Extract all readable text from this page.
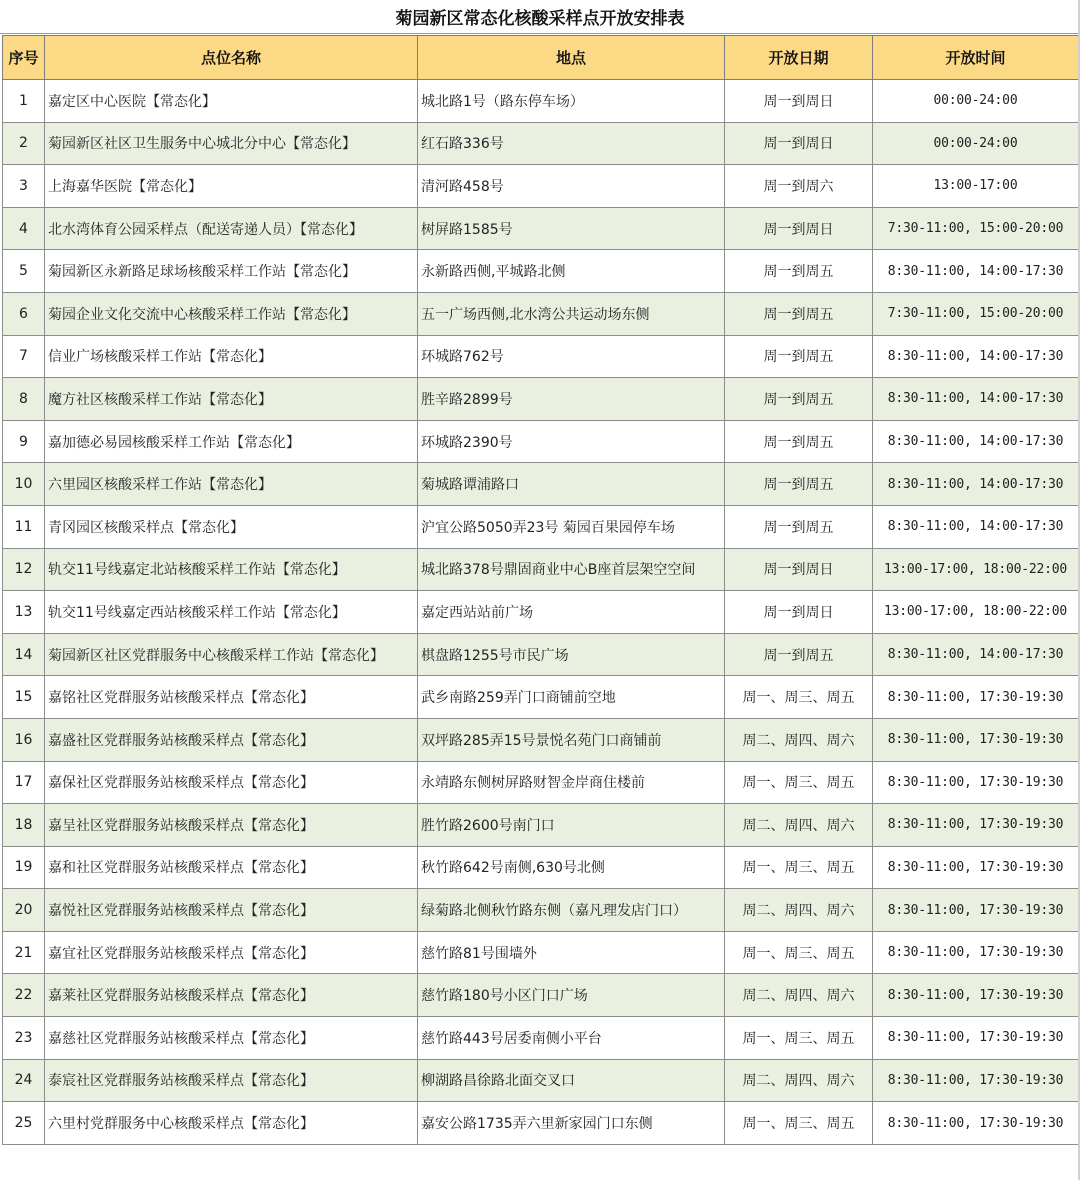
菊园新区常态化核酸采样点开放安排表
序号	点位名称	地点	开放日期	开放时间
1	嘉定区中心医院【常态化】	城北路1号（路东停车场）	周一到周日	00:00-24:00
2	菊园新区社区卫生服务中心城北分中心【常态化】	红石路336号	周一到周日	00:00-24:00
3	上海嘉华医院【常态化】	清河路458号	周一到周六	13:00-17:00
4	北水湾体育公园采样点（配送寄递人员）【常态化】	树屏路1585号	周一到周日	7:30-11:00, 15:00-20:00
5	菊园新区永新路足球场核酸采样工作站【常态化】	永新路西侧,平城路北侧	周一到周五	8:30-11:00, 14:00-17:30
6	菊园企业文化交流中心核酸采样工作站【常态化】	五一广场西侧,北水湾公共运动场东侧	周一到周五	7:30-11:00, 15:00-20:00
7	信业广场核酸采样工作站【常态化】	环城路762号	周一到周五	8:30-11:00, 14:00-17:30
8	魔方社区核酸采样工作站【常态化】	胜辛路2899号	周一到周五	8:30-11:00, 14:00-17:30
9	嘉加德必易园核酸采样工作站【常态化】	环城路2390号	周一到周五	8:30-11:00, 14:00-17:30
10	六里园区核酸采样工作站【常态化】	菊城路谭浦路口	周一到周五	8:30-11:00, 14:00-17:30
11	青冈园区核酸采样点【常态化】	沪宜公路5050弄23号 菊园百果园停车场	周一到周五	8:30-11:00, 14:00-17:30
12	轨交11号线嘉定北站核酸采样工作站【常态化】	城北路378号鼎固商业中心B座首层架空空间	周一到周日	13:00-17:00, 18:00-22:00
13	轨交11号线嘉定西站核酸采样工作站【常态化】	嘉定西站站前广场	周一到周日	13:00-17:00, 18:00-22:00
14	菊园新区社区党群服务中心核酸采样工作站【常态化】	棋盘路1255号市民广场	周一到周五	8:30-11:00, 14:00-17:30
15	嘉铭社区党群服务站核酸采样点【常态化】	武乡南路259弄门口商铺前空地	周一、周三、周五	8:30-11:00, 17:30-19:30
16	嘉盛社区党群服务站核酸采样点【常态化】	双坪路285弄15号景悦名苑门口商铺前	周二、周四、周六	8:30-11:00, 17:30-19:30
17	嘉保社区党群服务站核酸采样点【常态化】	永靖路东侧树屏路财智金岸商住楼前	周一、周三、周五	8:30-11:00, 17:30-19:30
18	嘉呈社区党群服务站核酸采样点【常态化】	胜竹路2600号南门口	周二、周四、周六	8:30-11:00, 17:30-19:30
19	嘉和社区党群服务站核酸采样点【常态化】	秋竹路642号南侧,630号北侧	周一、周三、周五	8:30-11:00, 17:30-19:30
20	嘉悦社区党群服务站核酸采样点【常态化】	绿菊路北侧秋竹路东侧（嘉凡理发店门口）	周二、周四、周六	8:30-11:00, 17:30-19:30
21	嘉宜社区党群服务站核酸采样点【常态化】	慈竹路81号围墙外	周一、周三、周五	8:30-11:00, 17:30-19:30
22	嘉莱社区党群服务站核酸采样点【常态化】	慈竹路180号小区门口广场	周二、周四、周六	8:30-11:00, 17:30-19:30
23	嘉慈社区党群服务站核酸采样点【常态化】	慈竹路443号居委南侧小平台	周一、周三、周五	8:30-11:00, 17:30-19:30
24	泰宸社区党群服务站核酸采样点【常态化】	柳湖路昌徐路北面交叉口	周二、周四、周六	8:30-11:00, 17:30-19:30
25	六里村党群服务中心核酸采样点【常态化】	嘉安公路1735弄六里新家园门口东侧	周一、周三、周五	8:30-11:00, 17:30-19:30
